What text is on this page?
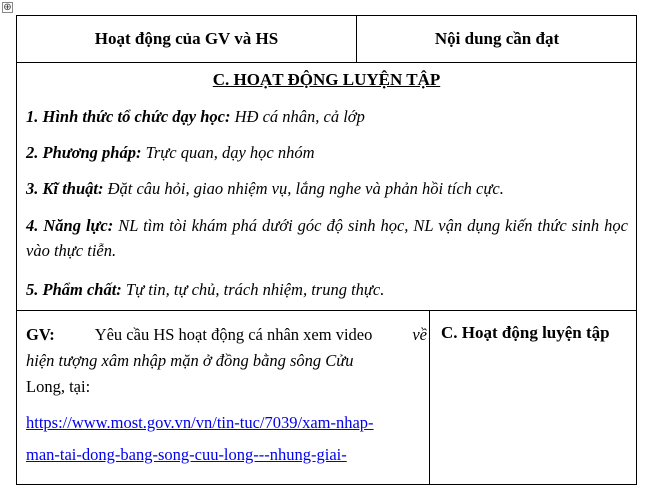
⊕
Hoạt động của GV và HS	Nội dung cần đạt
C. HOẠT ĐỘNG LUYỆN TẬP
1. Hình thức tổ chức dạy học: HĐ cá nhân, cả lớp
2. Phương pháp: Trực quan, dạy học nhóm
3. Kĩ thuật: Đặt câu hỏi, giao nhiệm vụ, lắng nghe và phản hồi tích cực.
4. Năng lực: NL tìm tòi khám phá dưới góc độ sinh học, NL vận dụng kiến thức sinh học vào thực tiễn.
5. Phẩm chất: Tự tin, tự chủ, trách nhiệm, trung thực.
GV: Yêu cầu HS hoạt động cá nhân xem video về
hiện tượng xâm nhập mặn ở đồng bằng sông Cửu
Long, tại:
https://www.most.gov.vn/vn/tin-tuc/7039/xam-nhap-
man-tai-dong-bang-song-cuu-long---nhung-giai-
C. Hoạt động luyện tập
